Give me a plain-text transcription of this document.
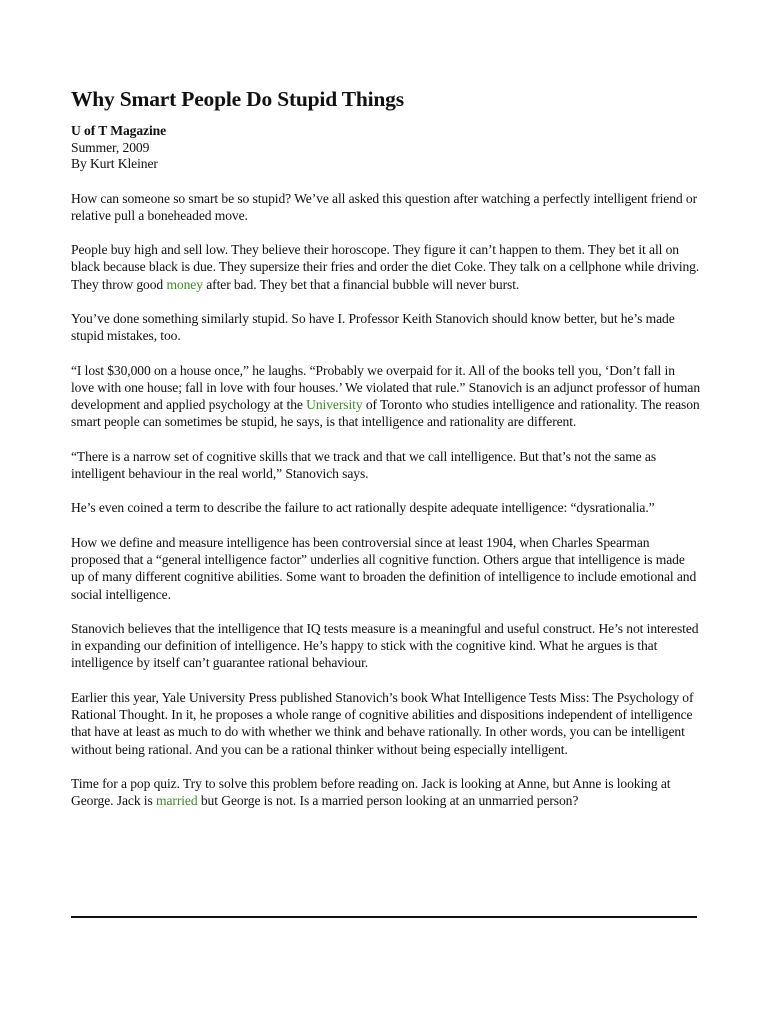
Why Smart People Do Stupid Things
U of T Magazine
Summer, 2009
By Kurt Kleiner

How can someone so smart be so stupid? We’ve all asked this question after watching a perfectly intelligent friend or relative pull a boneheaded move.

People buy high and sell low. They believe their horoscope. They figure it can’t happen to them. They bet it all on black because black is due. They supersize their fries and order the diet Coke. They talk on a cellphone while driving. They throw good money after bad. They bet that a financial bubble will never burst.

You’ve done something similarly stupid. So have I. Professor Keith Stanovich should know better, but he’s made stupid mistakes, too.

“I lost $30,000 on a house once,” he laughs. “Probably we overpaid for it. All of the books tell you, ‘Don’t fall in love with one house; fall in love with four houses.’ We violated that rule.” Stanovich is an adjunct professor of human development and applied psychology at the University of Toronto who studies intelligence and rationality. The reason smart people can sometimes be stupid, he says, is that intelligence and rationality are different.

“There is a narrow set of cognitive skills that we track and that we call intelligence. But that’s not the same as intelligent behaviour in the real world,” Stanovich says.

He’s even coined a term to describe the failure to act rationally despite adequate intelligence: “dysrationalia.”

How we define and measure intelligence has been controversial since at least 1904, when Charles Spearman proposed that a “general intelligence factor” underlies all cognitive function. Others argue that intelligence is made up of many different cognitive abilities. Some want to broaden the definition of intelligence to include emotional and social intelligence.

Stanovich believes that the intelligence that IQ tests measure is a meaningful and useful construct. He’s not interested in expanding our definition of intelligence. He’s happy to stick with the cognitive kind. What he argues is that intelligence by itself can’t guarantee rational behaviour.

Earlier this year, Yale University Press published Stanovich’s book What Intelligence Tests Miss: The Psychology of Rational Thought. In it, he proposes a whole range of cognitive abilities and dispositions independent of intelligence that have at least as much to do with whether we think and behave rationally. In other words, you can be intelligent without being rational. And you can be a rational thinker without being especially intelligent.

Time for a pop quiz. Try to solve this problem before reading on. Jack is looking at Anne, but Anne is looking at George. Jack is married but George is not. Is a married person looking at an unmarried person?
